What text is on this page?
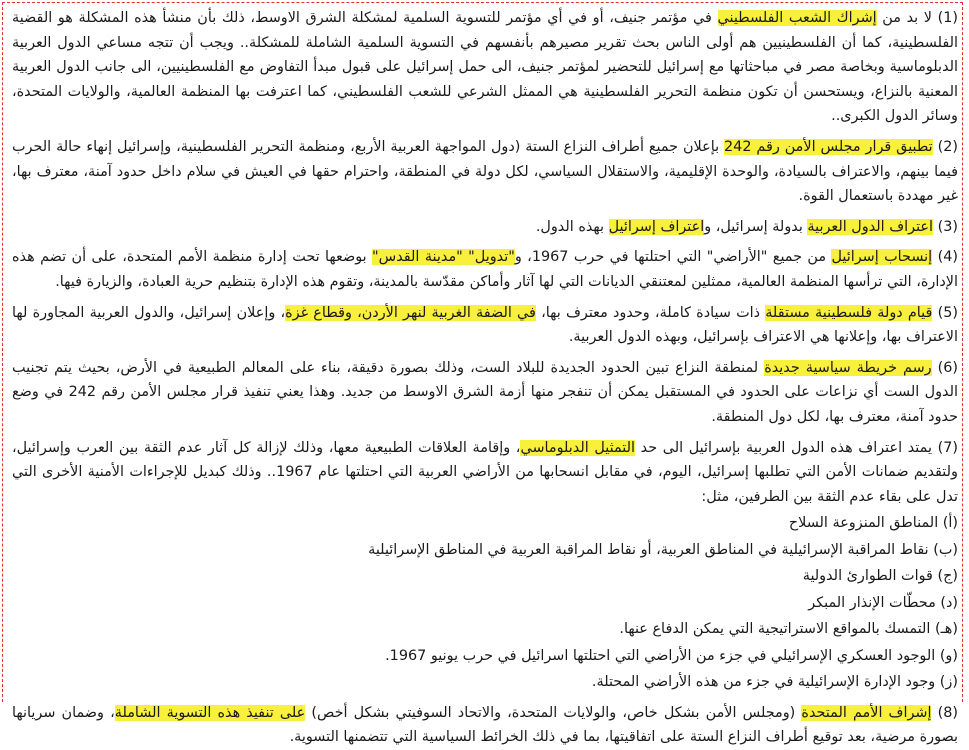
(1) لا بد من إشراك الشعب الفلسطيني في مؤتمر جنيف، أو في أي مؤتمر للتسوية السلمية لمشكلة الشرق الاوسط، ذلك بأن منشأ هذه المشكلة هو القضية الفلسطينية، كما أن الفلسطينيين هم أولى الناس بحث تقرير مصيرهم بأنفسهم في التسوية السلمية الشاملة للمشكلة.. ويجب أن تتجه مساعي الدول العربية الدبلوماسية وبخاصة مصر في مباحثاتها مع إسرائيل للتحضير لمؤتمر جنيف، الى حمل إسرائيل على قبول مبدأ التفاوض مع الفلسطينيين، الى جانب الدول العربية المعنية بالنزاع، ويستحسن أن تكون منظمة التحرير الفلسطينية هي الممثل الشرعي للشعب الفلسطيني، كما اعترفت بها المنظمة العالمية، والولايات المتحدة، وسائر الدول الكبرى..

(2) تطبيق قرار مجلس الأمن رقم 242 بإعلان جميع أطراف النزاع الستة (دول المواجهة العربية الأربع، ومنظمة التحرير الفلسطينية، وإسرائيل إنهاء حالة الحرب فيما بينهم، والاعتراف بالسيادة، والوحدة الإقليمية، والاستقلال السياسي، لكل دولة في المنطقة، واحترام حقها في العيش في سلام داخل حدود آمنة، معترف بها، غير مهددة باستعمال القوة.

(3) اعتراف الدول العربية بدولة إسرائيل، واعتراف إسرائيل بهذه الدول.

(4) إنسحاب إسرائيل من جميع "الأراضي" التي احتلتها في حرب 1967، و"تدويل" "مدينة القدس" بوضعها تحت إدارة منظمة الأمم المتحدة، على أن تضم هذه الإدارة، التي ترأسها المنظمة العالمية، ممثلين لمعتنقي الديانات التي لها آثار وأماكن مقدّسة بالمدينة، وتقوم هذه الإدارة بتنظيم حرية العبادة، والزيارة فيها.

(5) قيام دولة فلسطينية مستقلة ذات سيادة كاملة، وحدود معترف بها، في الضفة الغربية لنهر الأردن، وقطاع غزة، وإعلان إسرائيل، والدول العربية المجاورة لها الاعتراف بها، وإعلانها هي الاعتراف بإسرائيل، وبهذه الدول العربية.

(6) رسم خريطة سياسية جديدة لمنطقة النزاع تبين الحدود الجديدة للبلاد الست، وذلك بصورة دقيقة، بناء على المعالم الطبيعية في الأرض، بحيث يتم تجنيب الدول الست أي نزاعات على الحدود في المستقبل يمكن أن تنفجر منها أزمة الشرق الاوسط من جديد. وهذا يعني تنفيذ قرار مجلس الأمن رقم 242 في وضع حدود آمنة، معترف بها، لكل دول المنطقة.

(7) يمتد اعتراف هذه الدول العربية بإسرائيل الى حد التمثيل الدبلوماسي، وإقامة العلاقات الطبيعية معها، وذلك لإزالة كل آثار عدم الثقة بين العرب وإسرائيل، ولتقديم ضمانات الأمن التي تطلبها إسرائيل، اليوم، في مقابل انسحابها من الأراضي العربية التي احتلتها عام 1967.. وذلك كبديل للإجراءات الأمنية الأخرى التي تدل على بقاء عدم الثقة بين الطرفين، مثل:

(أ) المناطق المنزوعة السلاح

(ب) نقاط المراقبة الإسرائيلية في المناطق العربية، أو نقاط المراقبة العربية في المناطق الإسرائيلية

(ج) قوات الطوارئ الدولية

(د) محطّات الإنذار المبكر

(هـ) التمسك بالمواقع الاستراتيجية التي يمكن الدفاع عنها.

(و) الوجود العسكري الإسرائيلي في جزء من الأراضي التي احتلتها اسرائيل في حرب يونيو 1967.

(ز) وجود الإدارة الإسرائيلية في جزء من هذه الأراضي المحتلة.

(8) إشراف الأمم المتحدة (ومجلس الأمن بشكل خاص، والولايات المتحدة، والاتحاد السوفيتي بشكل أخص) على تنفيذ هذه التسوية الشاملة، وضمان سريانها بصورة مرضية، بعد توقيع أطراف النزاع الستة على اتفاقيتها، بما في ذلك الخرائط السياسية التي تتضمنها التسوية.
